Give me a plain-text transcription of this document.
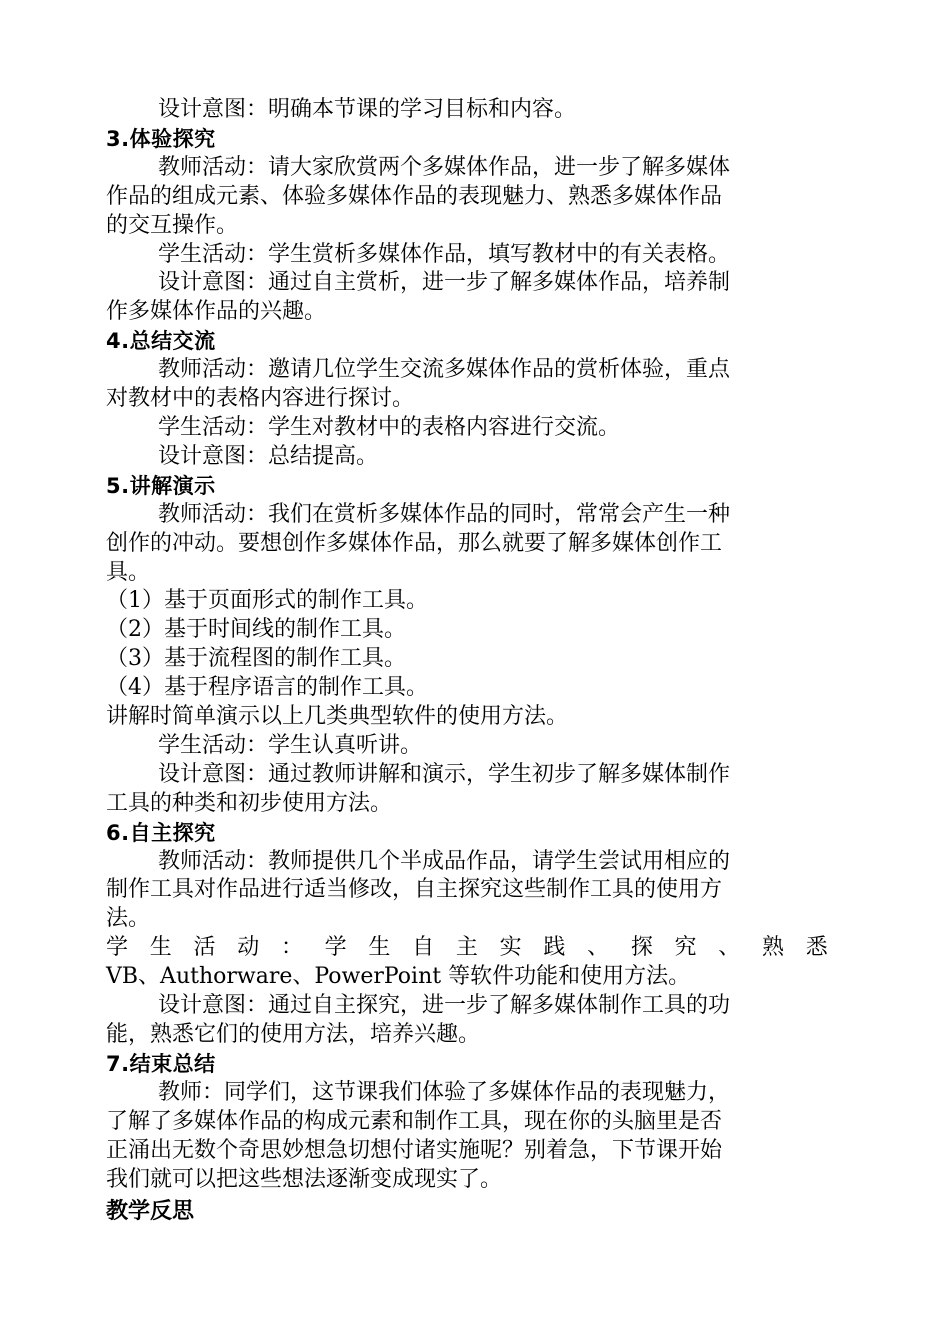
设计意图：明确本节课的学习目标和内容。

3.体验探究

教师活动：请大家欣赏两个多媒体作品，进一步了解多媒体

作品的组成元素、体验多媒体作品的表现魅力、熟悉多媒体作品

的交互操作。

学生活动：学生赏析多媒体作品，填写教材中的有关表格。

设计意图：通过自主赏析，进一步了解多媒体作品，培养制

作多媒体作品的兴趣。

4.总结交流

教师活动：邀请几位学生交流多媒体作品的赏析体验，重点

对教材中的表格内容进行探讨。

学生活动：学生对教材中的表格内容进行交流。

设计意图：总结提高。

5.讲解演示

教师活动：我们在赏析多媒体作品的同时，常常会产生一种

创作的冲动。要想创作多媒体作品，那么就要了解多媒体创作工

具。

（1）基于页面形式的制作工具。

（2）基于时间线的制作工具。

（3）基于流程图的制作工具。

（4）基于程序语言的制作工具。

讲解时简单演示以上几类典型软件的使用方法。

学生活动：学生认真听讲。

设计意图：通过教师讲解和演示，学生初步了解多媒体制作

工具的种类和初步使用方法。

6.自主探究

教师活动：教师提供几个半成品作品，请学生尝试用相应的

制作工具对作品进行适当修改，自主探究这些制作工具的使用方

法。

学 生 活 动 ： 学 生 自 主 实 践 、 探 究 、 熟 悉

VB、Authorware、PowerPoint 等软件功能和使用方法。

设计意图：通过自主探究，进一步了解多媒体制作工具的功

能，熟悉它们的使用方法，培养兴趣。

7.结束总结

教师：同学们，这节课我们体验了多媒体作品的表现魅力，

了解了多媒体作品的构成元素和制作工具，现在你的头脑里是否

正涌出无数个奇思妙想急切想付诸实施呢？别着急，下节课开始

我们就可以把这些想法逐渐变成现实了。

教学反思
